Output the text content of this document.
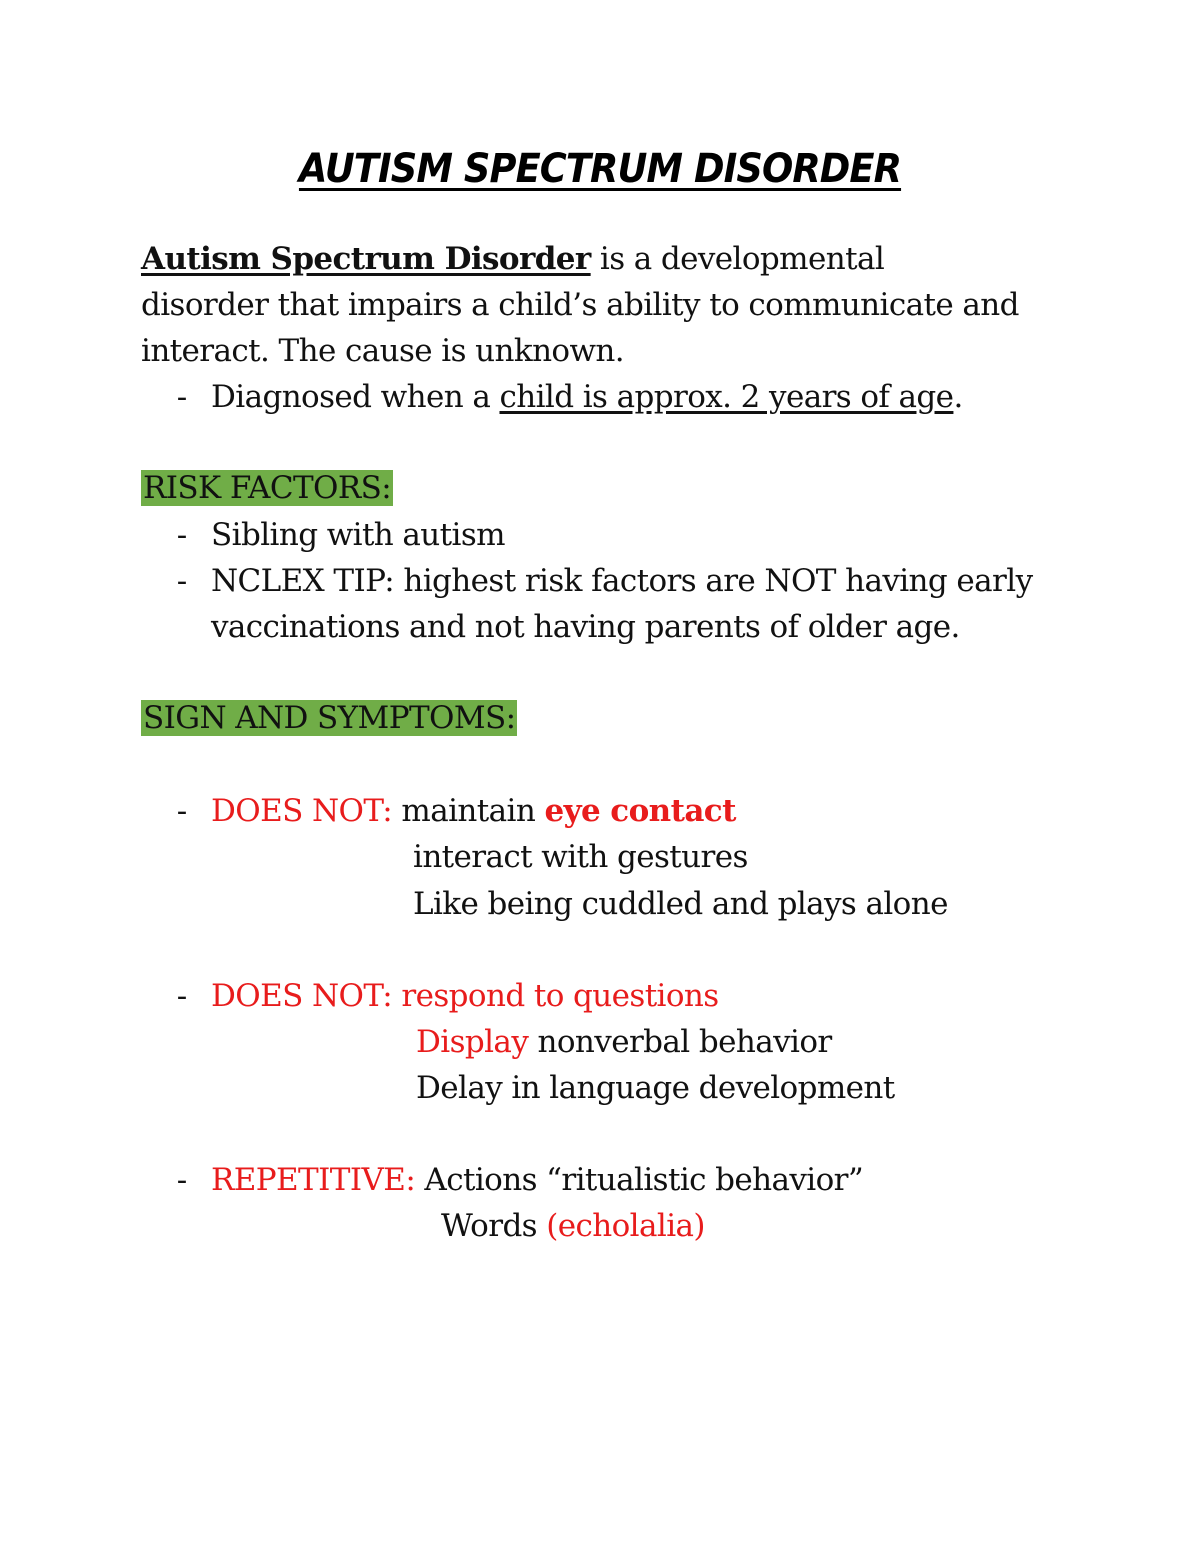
AUTISM SPECTRUM DISORDER
Autism Spectrum Disorder is a developmental
disorder that impairs a child’s ability to communicate and
interact. The cause is unknown.
- Diagnosed when a child is approx. 2 years of age.
RISK FACTORS:
- Sibling with autism
- NCLEX TIP: highest risk factors are NOT having early
vaccinations and not having parents of older age.
SIGN AND SYMPTOMS:
- DOES NOT: maintain eye contact
interact with gestures
Like being cuddled and plays alone
- DOES NOT: respond to questions
Display nonverbal behavior
Delay in language development
- REPETITIVE: Actions “ritualistic behavior”
Words (echolalia)
